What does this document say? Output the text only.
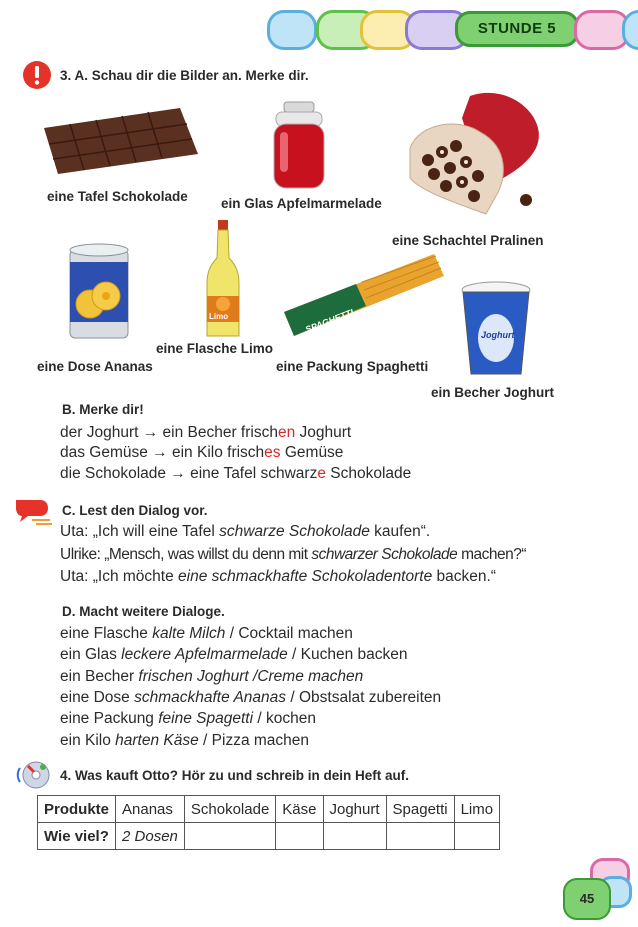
STUNDE 5
3. A. Schau dir die Bilder an. Merke dir.
eine Tafel Schokolade ein Glas Apfelmarmelade
eine Schachtel Pralinen
eine Dose Ananas
Limo
eine Flasche Limo
SPAGHETTI
eine Packung Spaghetti
Joghurt
ein Becher Joghurt
B. Merke dir!
der Joghurt → ein Becher frischen Joghurt
das Gemüse → ein Kilo frisches Gemüse
die Schokolade → eine Tafel schwarze Schokolade
C. Lest den Dialog vor.
Uta: „Ich will eine Tafel schwarze Schokolade kaufen“.
Ulrike: „Mensch, was willst du denn mit schwarzer Schokolade machen?“
Uta: „Ich möchte eine schmackhafte Schokoladentorte backen.“
D. Macht weitere Dialoge.
eine Flasche kalte Milch / Cocktail machen
ein Glas leckere Apfelmarmelade / Kuchen backen
ein Becher frischen Joghurt /Creme machen
eine Dose schmackhafte Ananas / Obstsalat zubereiten
eine Packung feine Spagetti / kochen
ein Kilo harten Käse / Pizza machen
4. Was kauft Otto? Hör zu und schreib in dein Heft auf.
Produkte	Ananas	Schokolade	Käse	Joghurt	Spagetti	Limo
Wie viel?	2 Dosen					
45
